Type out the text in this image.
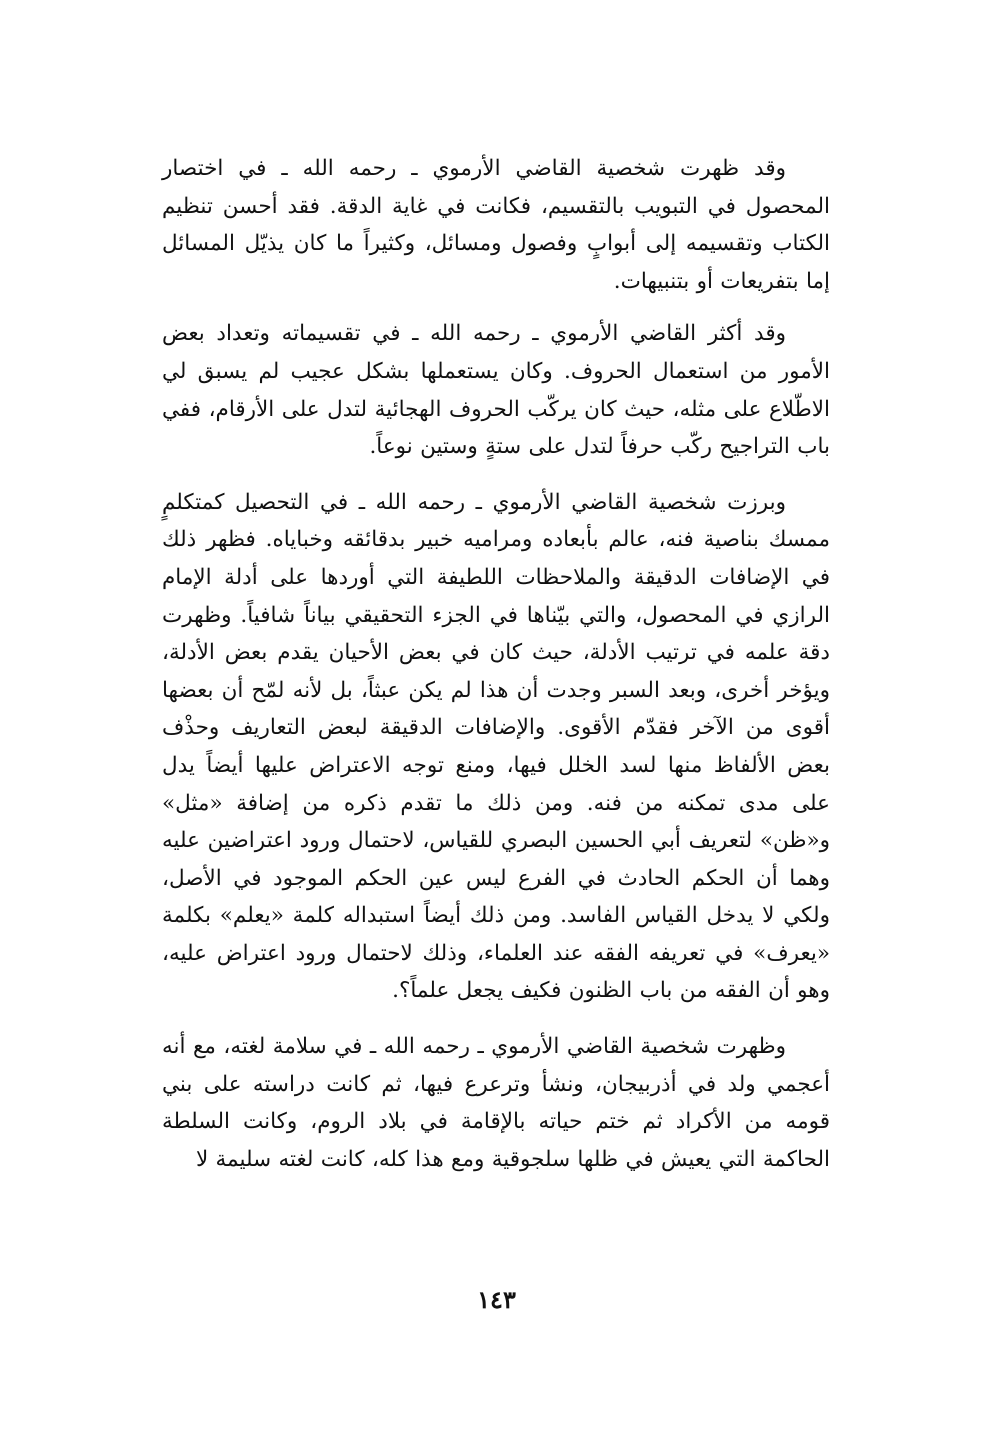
وقد ظهرت شخصية القاضي الأرموي ـ رحمه الله ـ في اختصار المحصول في التبويب بالتقسيم، فكانت في غاية الدقة. فقد أحسن تنظيم الكتاب وتقسيمه إلى أبوابٍ وفصول ومسائل، وكثيراً ما كان يذيّل المسائل إما بتفريعات أو بتنبيهات.

وقد أكثر القاضي الأرموي ـ رحمه الله ـ في تقسيماته وتعداد بعض الأمور من استعمال الحروف. وكان يستعملها بشكل عجيب لم يسبق لي الاطّلاع على مثله، حيث كان يركّب الحروف الهجائية لتدل على الأرقام، ففي باب التراجيح ركّب حرفاً لتدل على ستةٍ وستين نوعاً.

وبرزت شخصية القاضي الأرموي ـ رحمه الله ـ في التحصيل كمتكلمٍ ممسك بناصية فنه، عالم بأبعاده ومراميه خبير بدقائقه وخباياه. فظهر ذلك في الإضافات الدقيقة والملاحظات اللطيفة التي أوردها على أدلة الإمام الرازي في المحصول، والتي بيّناها في الجزء التحقيقي بياناً شافياً. وظهرت دقة علمه في ترتيب الأدلة، حيث كان في بعض الأحيان يقدم بعض الأدلة، ويؤخر أخرى، وبعد السبر وجدت أن هذا لم يكن عبثاً، بل لأنه لمّح أن بعضها أقوى من الآخر فقدّم الأقوى. والإضافات الدقيقة لبعض التعاريف وحذْف بعض الألفاظ منها لسد الخلل فيها، ومنع توجه الاعتراض عليها أيضاً يدل على مدى تمكنه من فنه. ومن ذلك ما تقدم ذكره من إضافة «مثل» و«ظن» لتعريف أبي الحسين البصري للقياس، لاحتمال ورود اعتراضين عليه وهما أن الحكم الحادث في الفرع ليس عين الحكم الموجود في الأصل، ولكي لا يدخل القياس الفاسد. ومن ذلك أيضاً استبداله كلمة «يعلم» بكلمة «يعرف» في تعريفه الفقه عند العلماء، وذلك لاحتمال ورود اعتراض عليه، وهو أن الفقه من باب الظنون فكيف يجعل علماً؟.

وظهرت شخصية القاضي الأرموي ـ رحمه الله ـ في سلامة لغته، مع أنه أعجمي ولد في أذربيجان، ونشأ وترعرع فيها، ثم كانت دراسته على بني قومه من الأكراد ثم ختم حياته بالإقامة في بلاد الروم، وكانت السلطة الحاكمة التي يعيش في ظلها سلجوقية ومع هذا كله، كانت لغته سليمة لا

١٤٣
